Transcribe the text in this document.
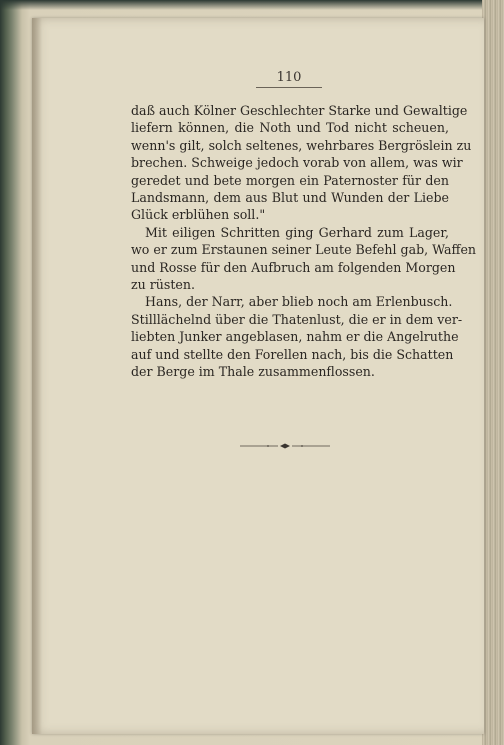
110
daß auch Kölner Geschlechter Starke und Gewaltige
liefern können, die Noth und Tod nicht scheuen,
wenn's gilt, solch seltenes, wehrbares Bergröslein zu
brechen. Schweige jedoch vorab von allem, was wir
geredet und bete morgen ein Paternoster für den
Landsmann, dem aus Blut und Wunden der Liebe
Glück erblühen soll."
Mit eiligen Schritten ging Gerhard zum Lager,
wo er zum Erstaunen seiner Leute Befehl gab, Waffen
und Rosse für den Aufbruch am folgenden Morgen
zu rüsten.
Hans, der Narr, aber blieb noch am Erlenbusch.
Stilllächelnd über die Thatenlust, die er in dem ver-
liebten Junker angeblasen, nahm er die Angelruthe
auf und stellte den Forellen nach, bis die Schatten
der Berge im Thale zusammenflossen.
